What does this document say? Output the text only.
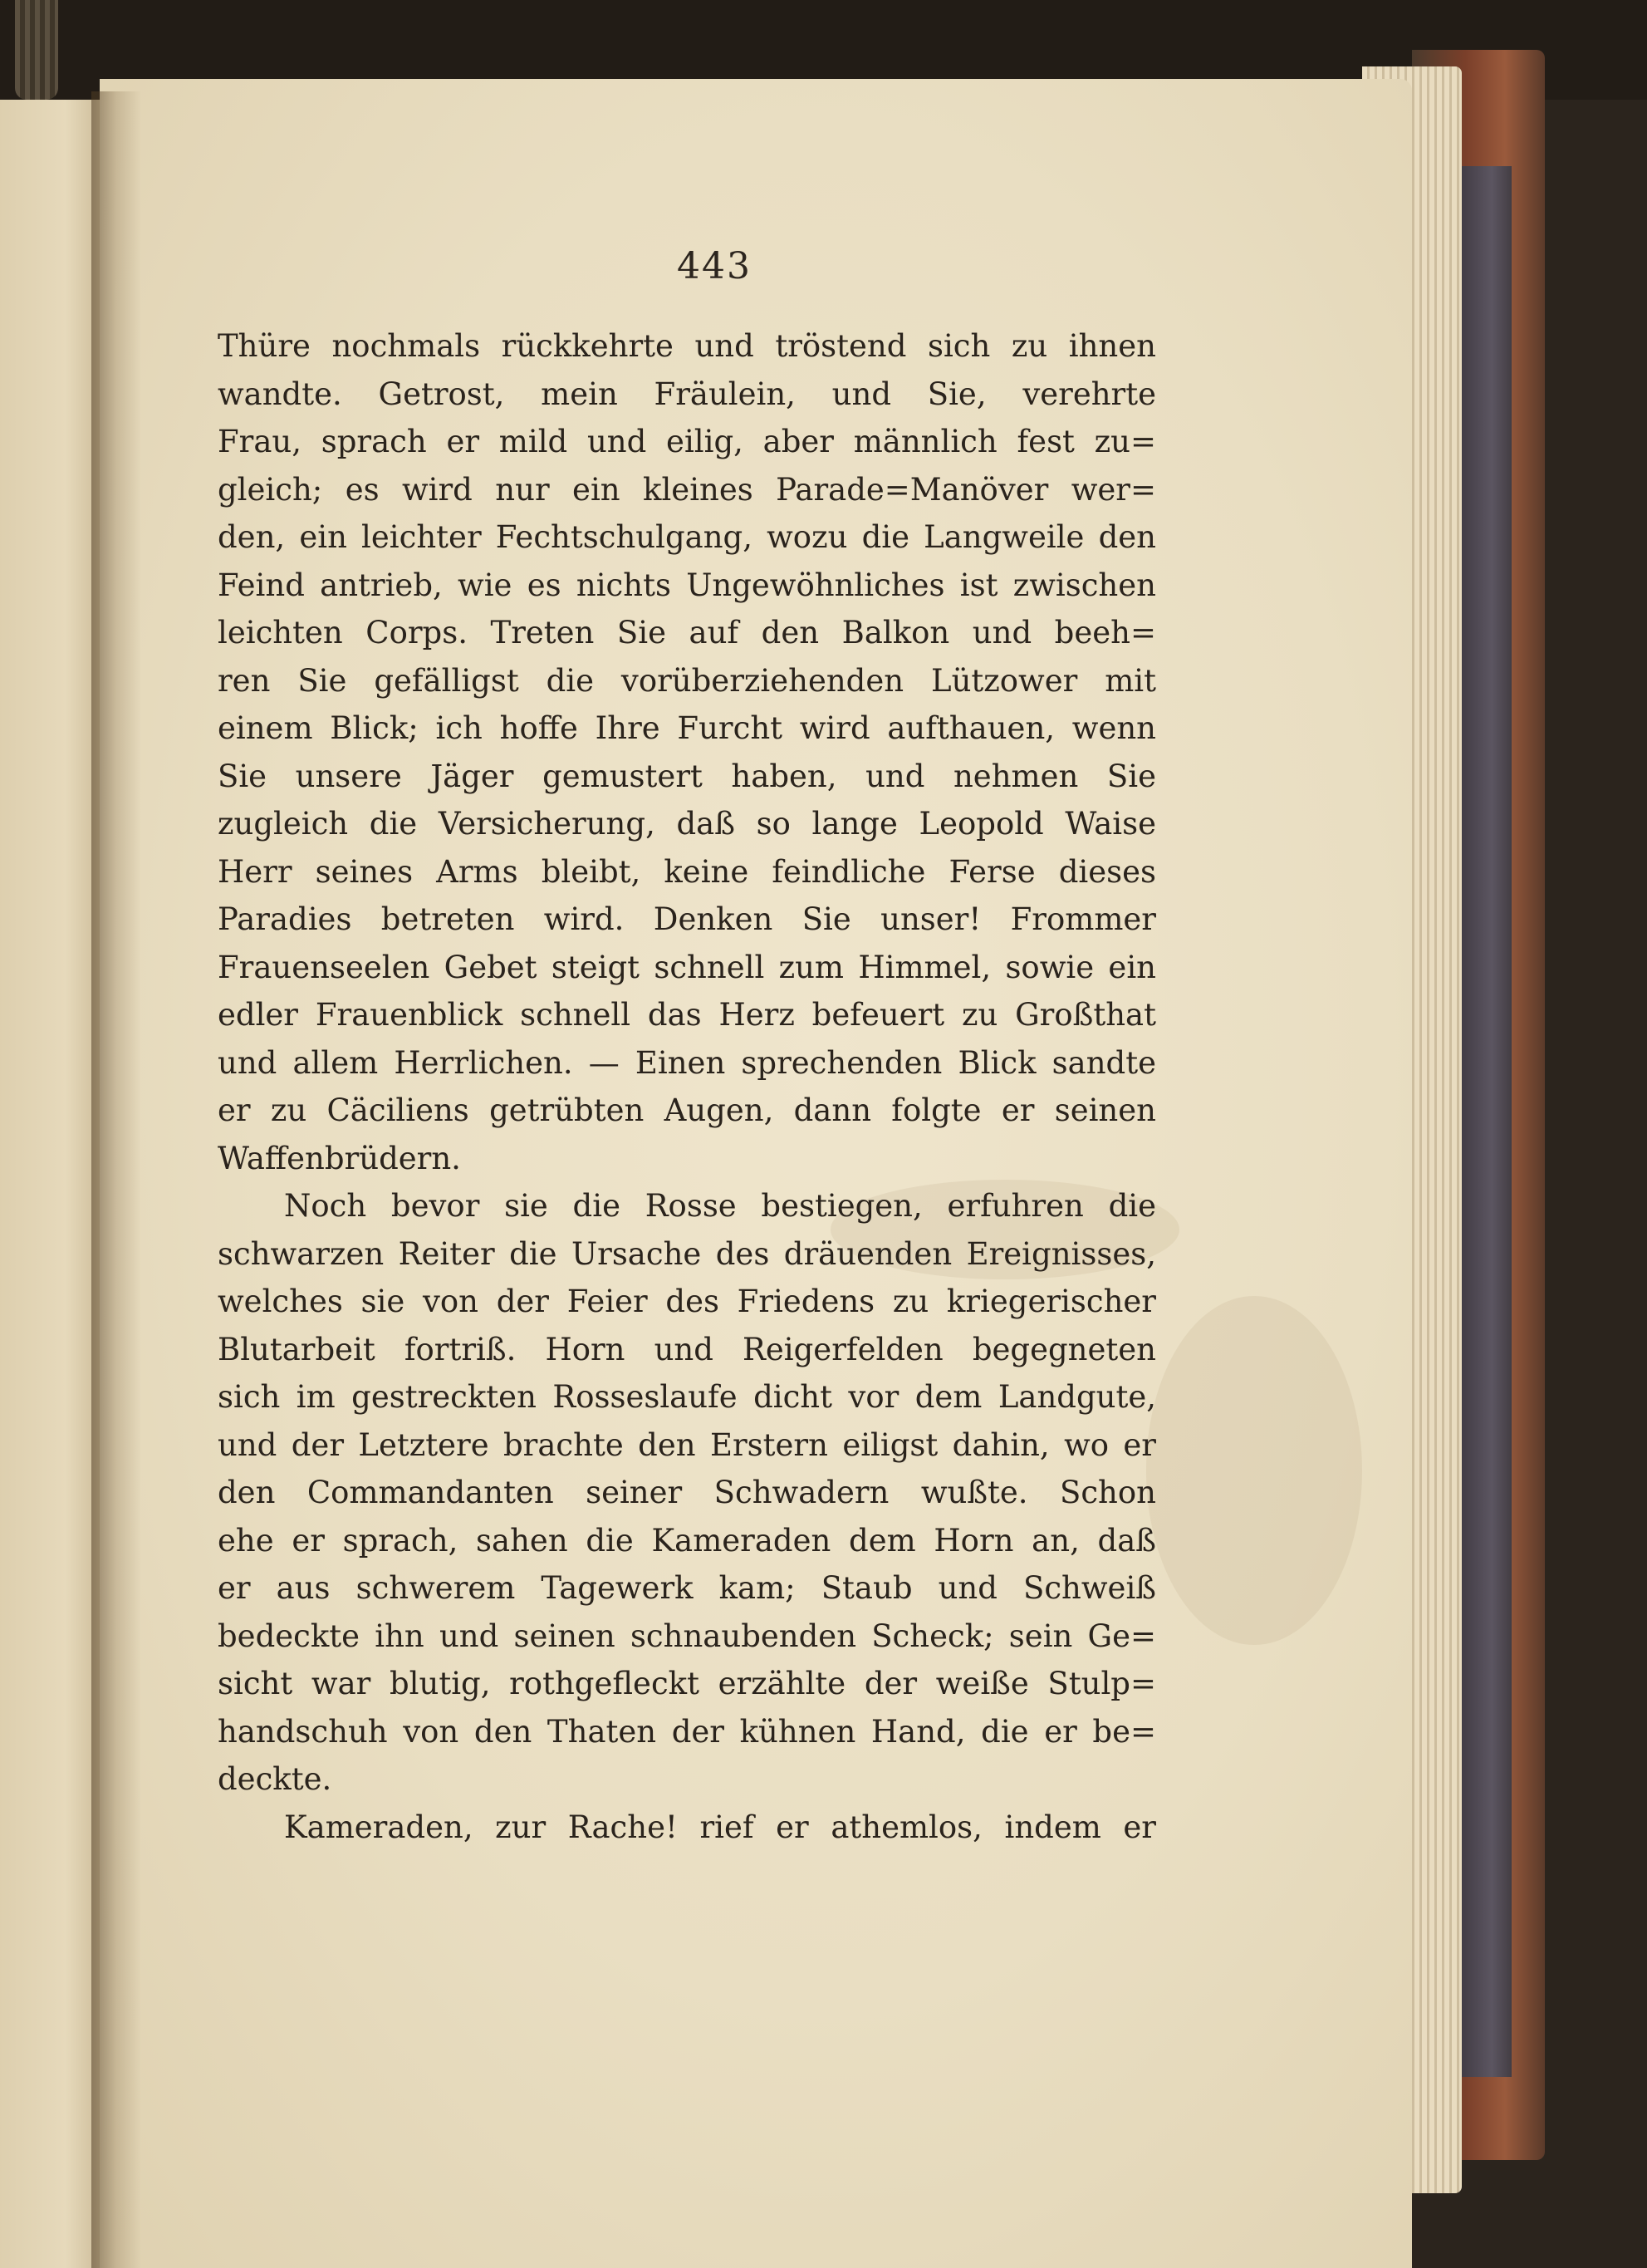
443
Thüre nochmals rückkehrte und tröstend sich zu ihnen
wandte. Getrost, mein Fräulein, und Sie, verehrte
Frau, sprach er mild und eilig, aber männlich fest zu=
gleich; es wird nur ein kleines Parade=Manöver wer=
den, ein leichter Fechtschulgang, wozu die Langweile den
Feind antrieb, wie es nichts Ungewöhnliches ist zwischen
leichten Corps. Treten Sie auf den Balkon und beeh=
ren Sie gefälligst die vorüberziehenden Lützower mit
einem Blick; ich hoffe Ihre Furcht wird aufthauen, wenn
Sie unsere Jäger gemustert haben, und nehmen Sie
zugleich die Versicherung, daß so lange Leopold Waise
Herr seines Arms bleibt, keine feindliche Ferse dieses
Paradies betreten wird. Denken Sie unser! Frommer
Frauenseelen Gebet steigt schnell zum Himmel, sowie ein
edler Frauenblick schnell das Herz befeuert zu Großthat
und allem Herrlichen. — Einen sprechenden Blick sandte
er zu Cäciliens getrübten Augen, dann folgte er seinen
Waffenbrüdern.
Noch bevor sie die Rosse bestiegen, erfuhren die
schwarzen Reiter die Ursache des dräuenden Ereignisses,
welches sie von der Feier des Friedens zu kriegerischer
Blutarbeit fortriß. Horn und Reigerfelden begegneten
sich im gestreckten Rosseslaufe dicht vor dem Landgute,
und der Letztere brachte den Erstern eiligst dahin, wo er
den Commandanten seiner Schwadern wußte. Schon
ehe er sprach, sahen die Kameraden dem Horn an, daß
er aus schwerem Tagewerk kam; Staub und Schweiß
bedeckte ihn und seinen schnaubenden Scheck; sein Ge=
sicht war blutig, rothgefleckt erzählte der weiße Stulp=
handschuh von den Thaten der kühnen Hand, die er be=
deckte.
Kameraden, zur Rache! rief er athemlos, indem er
